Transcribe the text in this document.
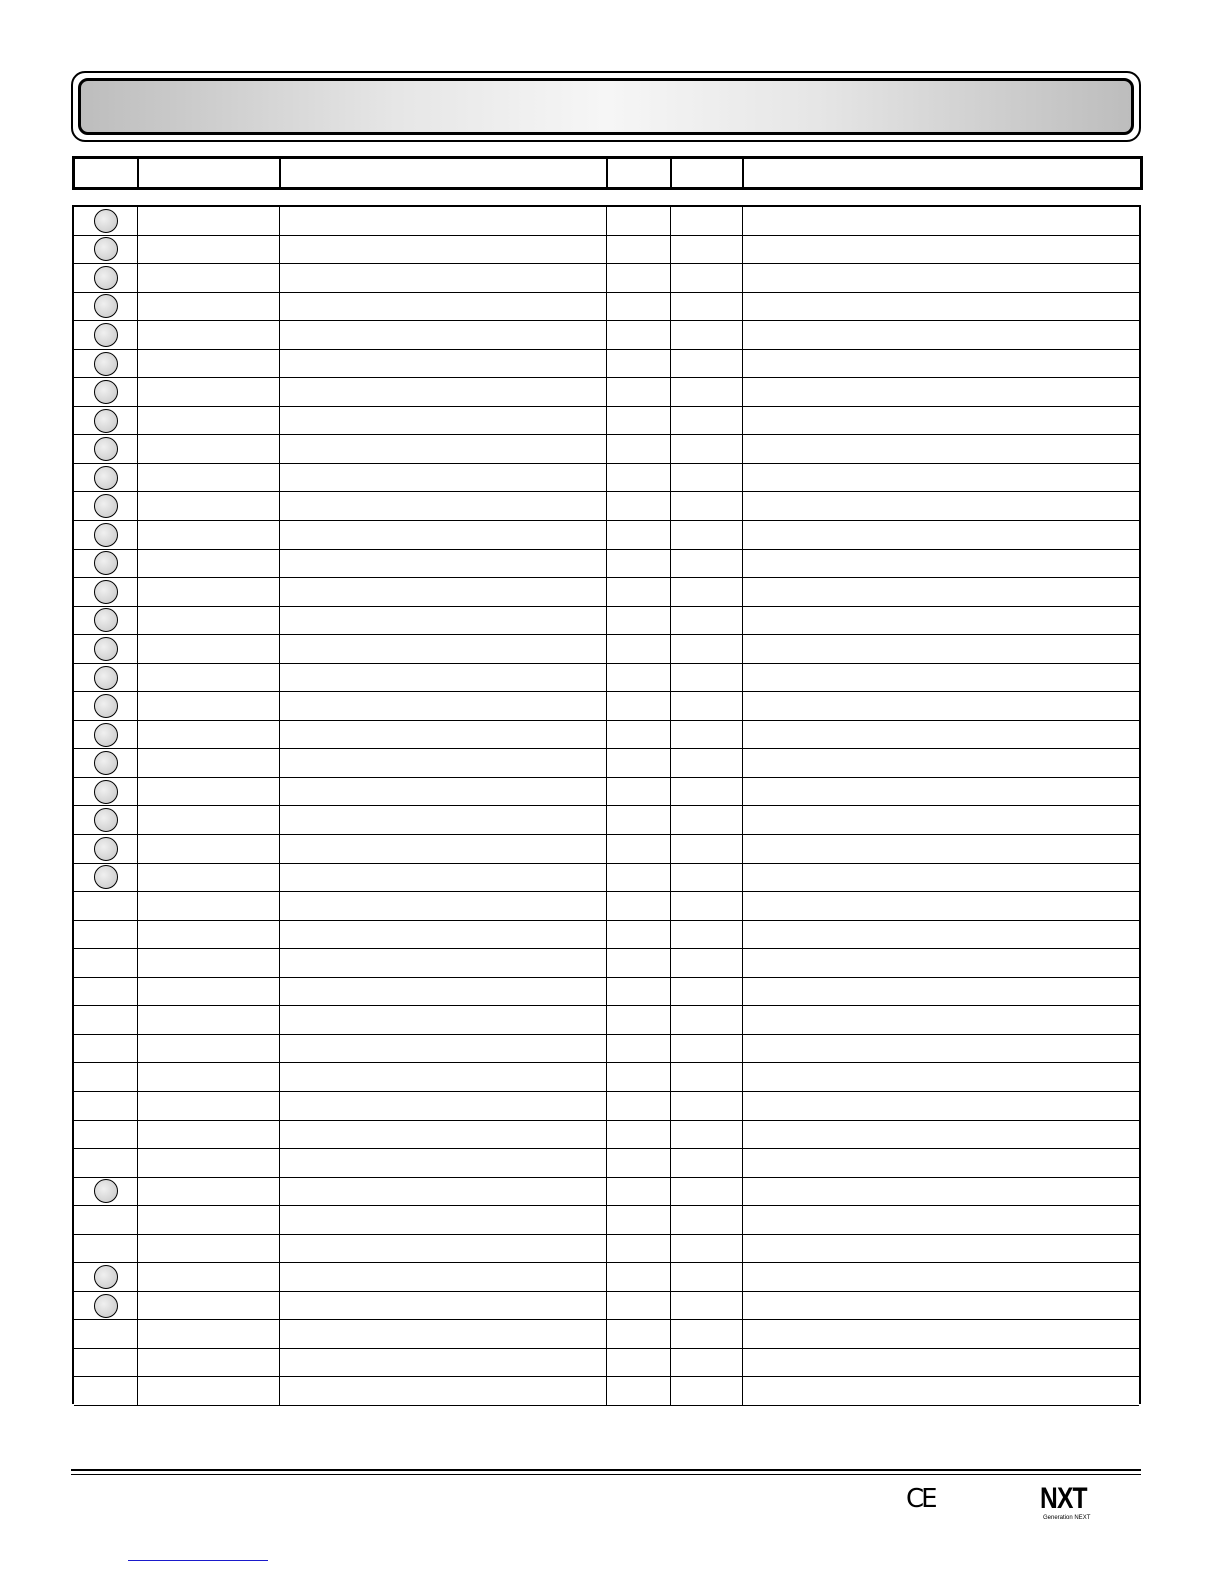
CE	NXT
Generation NEXT
